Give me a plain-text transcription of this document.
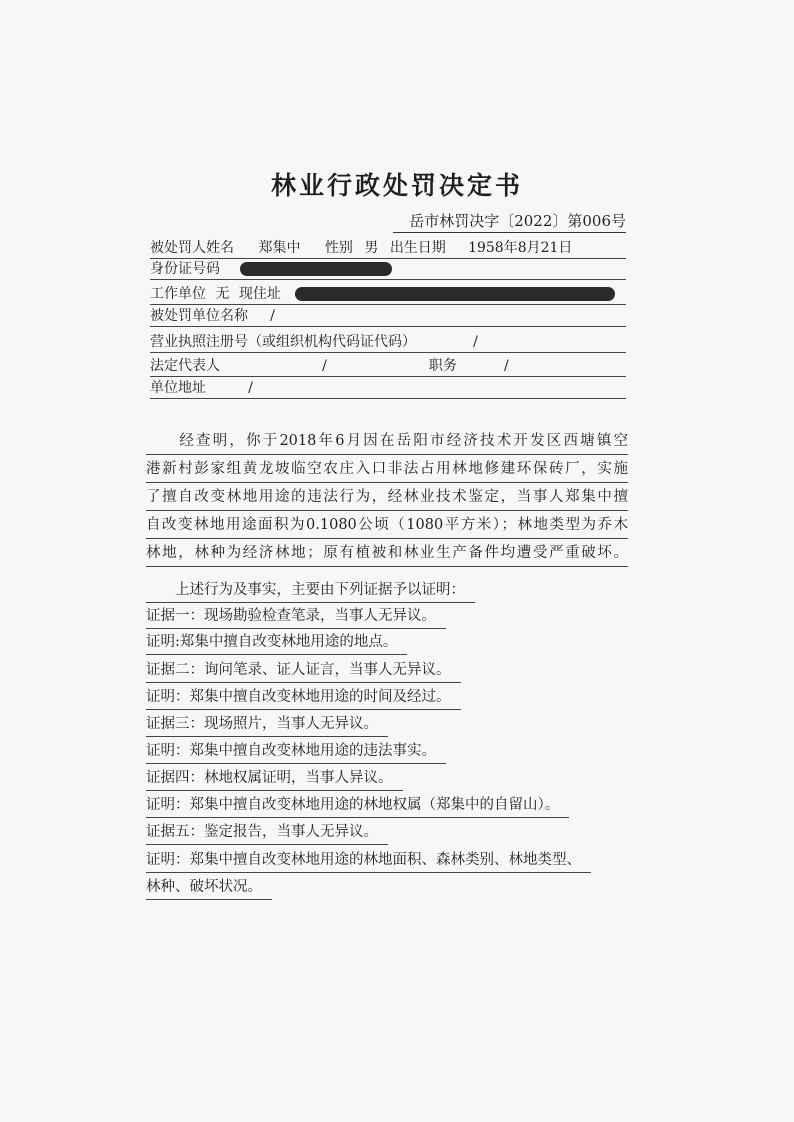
林业行政处罚决定书
岳市林罚决字〔2022〕第006号
被处罚人姓名 郑集中 性别 男 出生日期 1958年8月21日
身份证号码
工作单位 无 现住址
被处罚单位名称 /
营业执照注册号（或组织机构代码证代码）	/
法定代表人	/	职务	/
单位地址	/
　　经查明，你于2018年6月因在岳阳市经济技术开发区西塘镇空
港新村彭家组黄龙坡临空农庄入口非法占用林地修建环保砖厂，实施
了擅自改变林地用途的违法行为，经林业技术鉴定，当事人郑集中擅
自改变林地用途面积为0.1080公顷（1080平方米）；林地类型为乔木
林地，林种为经济林地；原有植被和林业生产备件均遭受严重破坏。
　　上述行为及事实，主要由下列证据予以证明：
证据一：现场勘验检查笔录，当事人无异议。
证明:郑集中擅自改变林地用途的地点。
证据二：询问笔录、证人证言，当事人无异议。
证明：郑集中擅自改变林地用途的时间及经过。
证据三：现场照片，当事人无异议。
证明：郑集中擅自改变林地用途的违法事实。
证据四：林地权属证明，当事人异议。
证明：郑集中擅自改变林地用途的林地权属（郑集中的自留山）。
证据五：鉴定报告，当事人无异议。
证明：郑集中擅自改变林地用途的林地面积、森林类别、林地类型、
林种、破坏状况。
